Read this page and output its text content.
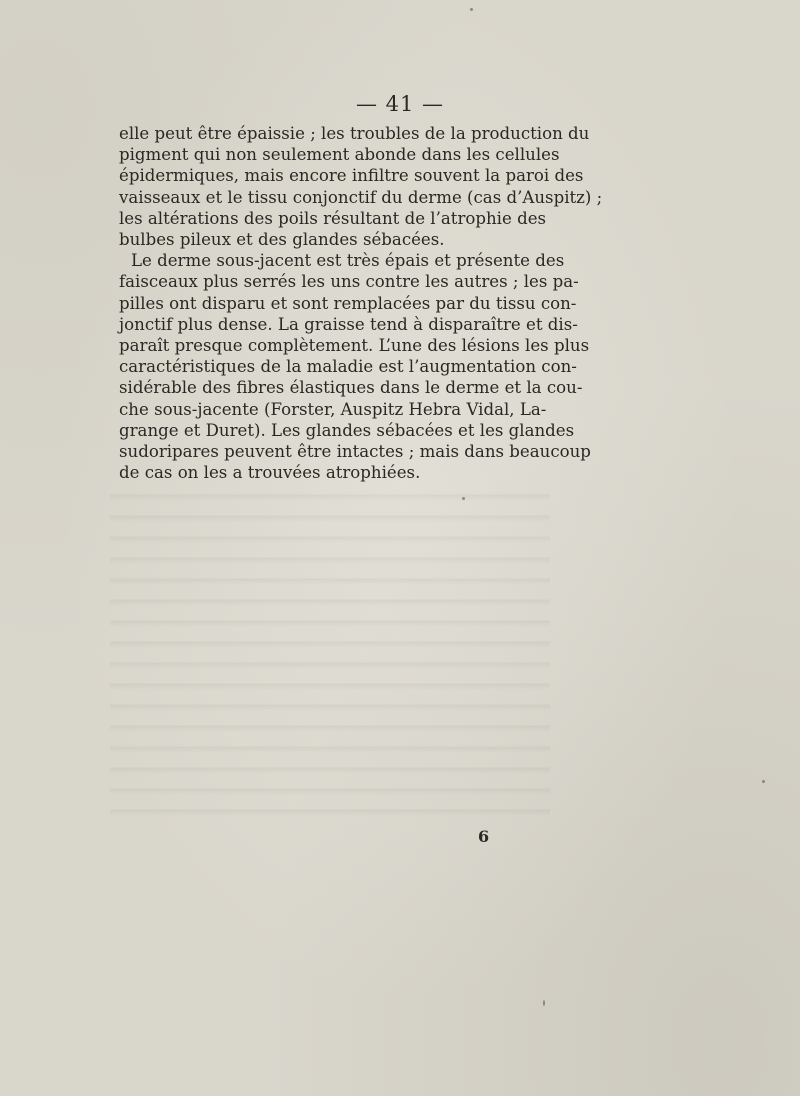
— 41 —

elle peut être épaissie ; les troubles de la production du
pigment qui non seulement abonde dans les cellules
épidermiques, mais encore infiltre souvent la paroi des
vaisseaux et le tissu conjonctif du derme (cas d’Auspitz) ;
les altérations des poils résultant de l’atrophie des
bulbes pileux et des glandes sébacées.

Le derme sous-jacent est très épais et présente des
faisceaux plus serrés les uns contre les autres ; les pa-
pilles ont disparu et sont remplacées par du tissu con-
jonctif plus dense. La graisse tend à disparaître et dis-
paraît presque complètement. L’une des lésions les plus
caractéristiques de la maladie est l’augmentation con-
sidérable des fibres élastiques dans le derme et la cou-
che sous-jacente (Forster, Auspitz Hebra Vidal, La-
grange et Duret). Les glandes sébacées et les glandes
sudoripares peuvent être intactes ; mais dans beaucoup
de cas on les a trouvées atrophiées.

6
